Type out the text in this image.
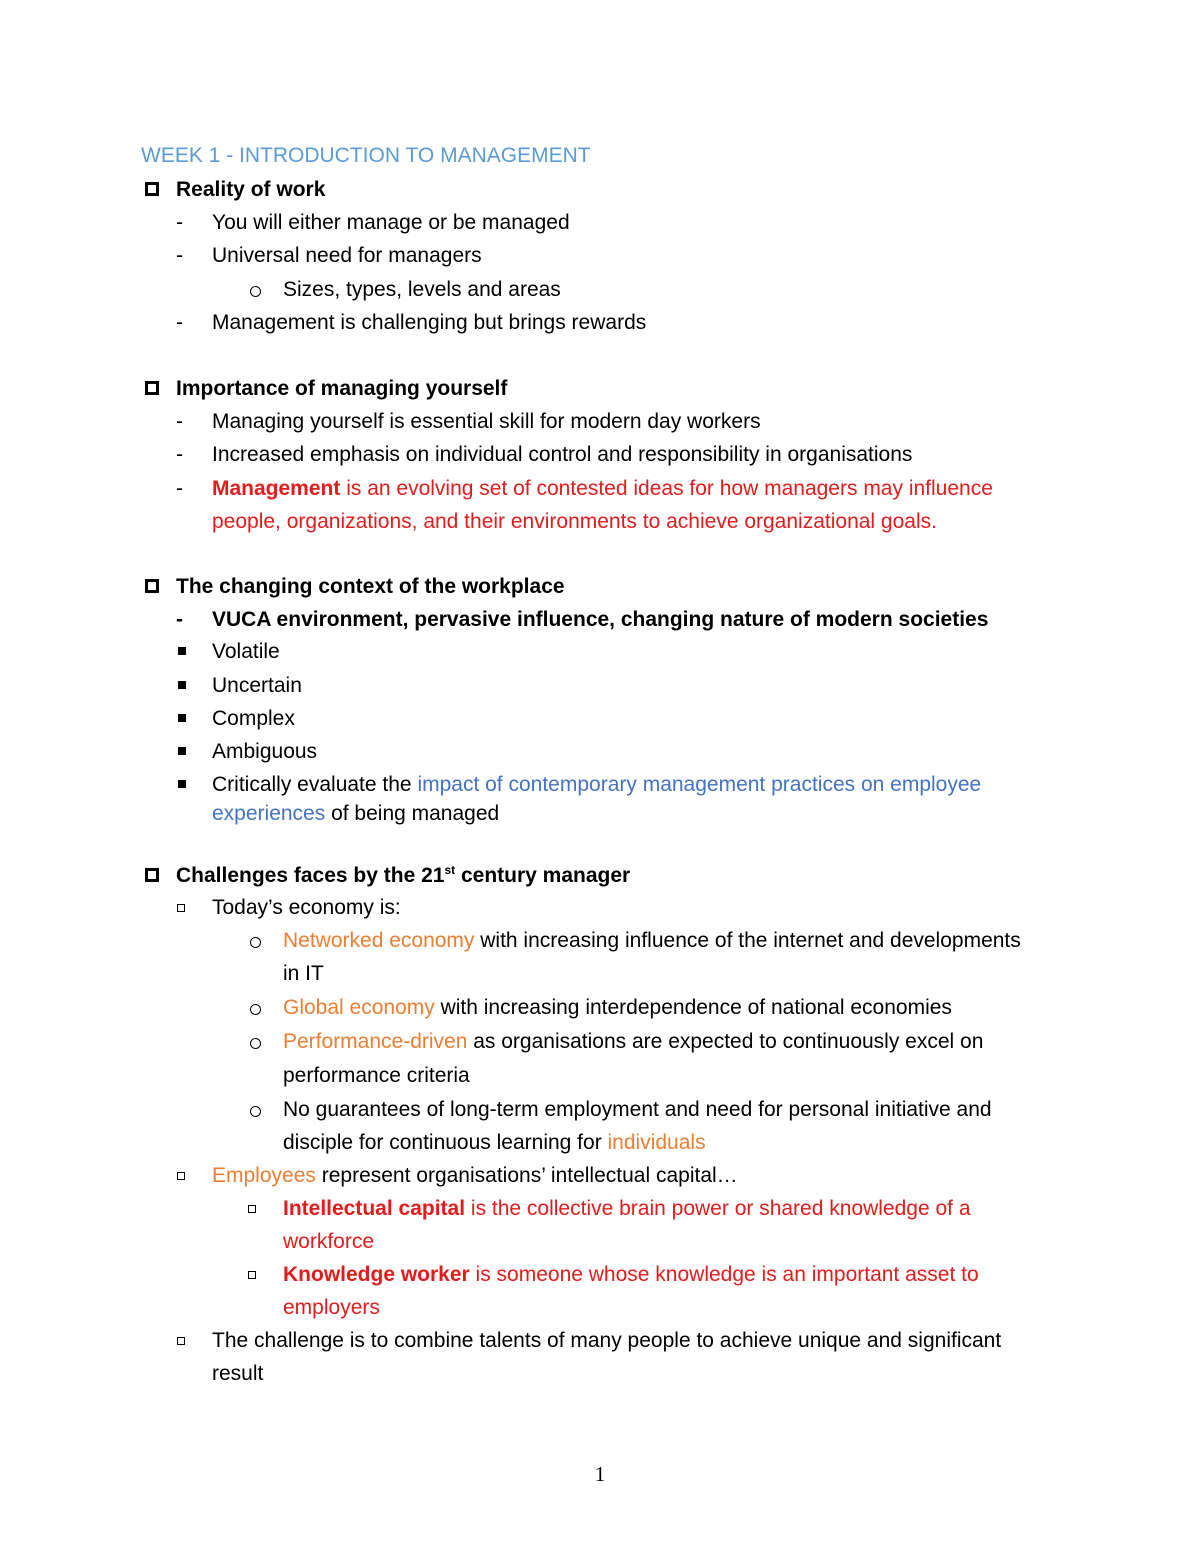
WEEK 1 - INTRODUCTION TO MANAGEMENT
Reality of work
- You will either manage or be managed
- Universal need for managers
Sizes, types, levels and areas
- Management is challenging but brings rewards
Importance of managing yourself
- Managing yourself is essential skill for modern day workers
- Increased emphasis on individual control and responsibility in organisations
- Management is an evolving set of contested ideas for how managers may influence
people, organizations, and their environments to achieve organizational goals.
The changing context of the workplace
- VUCA environment, pervasive influence, changing nature of modern societies
Volatile
Uncertain
Complex
Ambiguous
Critically evaluate the impact of contemporary management practices on employee
experiences of being managed
Challenges faces by the 21st century manager
Today’s economy is:
Networked economy with increasing influence of the internet and developments
in IT
Global economy with increasing interdependence of national economies
Performance-driven as organisations are expected to continuously excel on
performance criteria
No guarantees of long-term employment and need for personal initiative and
disciple for continuous learning for individuals
Employees represent organisations’ intellectual capital…
Intellectual capital is the collective brain power or shared knowledge of a
workforce
Knowledge worker is someone whose knowledge is an important asset to
employers
The challenge is to combine talents of many people to achieve unique and significant
result
1
